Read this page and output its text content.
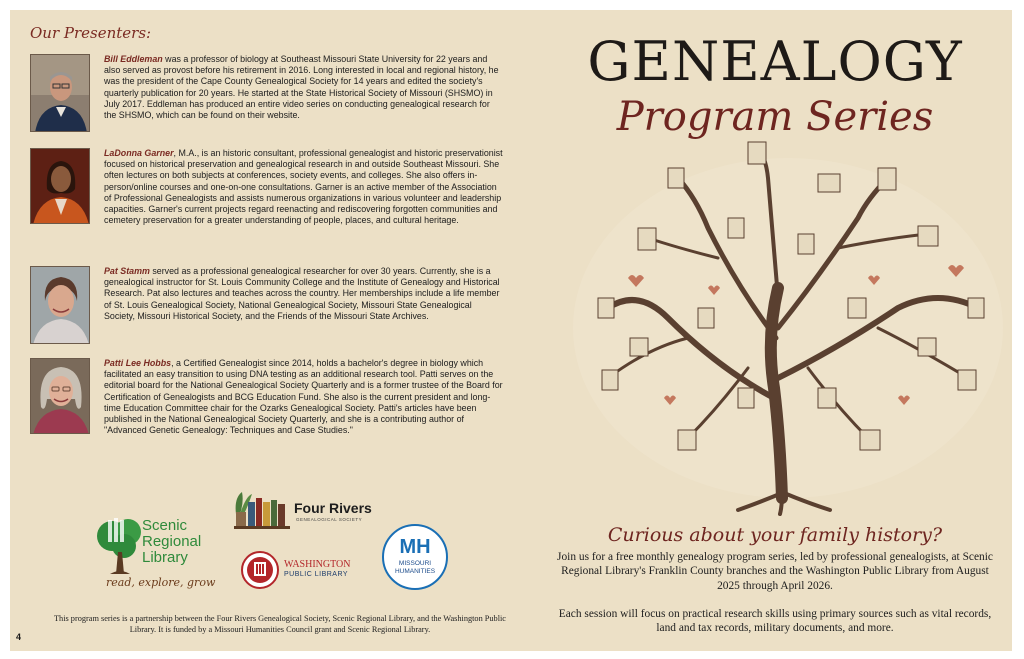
4
Our Presenters:

Bill Eddleman was a professor of biology at Southeast Missouri State University for 22 years and also served as provost before his retirement in 2016. Long interested in local and regional history, he was the president of the Cape County Genealogical Society for 14 years and edited the society's quarterly publication for 20 years. He started at the State Historical Society of Missouri (SHSMO) in July 2017. Eddleman has produced an entire video series on conducting genealogical research for the SHSMO, which can be found on their website.

LaDonna Garner, M.A., is an historic consultant, professional genealogist and historic preservationist focused on historical preservation and genealogical research in and outside Southeast Missouri. She often lectures on both subjects at conferences, society events, and colleges. She also offers in-person/online courses and one-on-one consultations. Garner is an active member of the Association of Professional Genealogists and assists numerous organizations in various volunteer and leadership capacities. Garner's current projects regard reenacting and rediscovering forgotten communities and cemetery preservation for a greater understanding of people, places, and cultural heritage.

Pat Stamm served as a professional genealogical researcher for over 30 years. Currently, she is a genealogical instructor for St. Louis Community College and the Institute of Genealogy and Historical Research. Pat also lectures and teaches across the country. Her memberships include a life member of St. Louis Genealogical Society, National Genealogical Society, Missouri State Genealogical Society, Missouri Historical Society, and the Friends of the Missouri State Archives.

Patti Lee Hobbs, a Certified Genealogist since 2014, holds a bachelor's degree in biology which facilitated an easy transition to using DNA testing as an additional research tool. Patti serves on the editorial board for the National Genealogical Society Quarterly and is a former trustee of the Board for Certification of Genealogists and BCG Education Fund. She also is the current president and long-time Education Committee chair for the Ozarks Genealogical Society. Patti's articles have been published in the National Genealogical Society Quarterly, and she is a contributing author of "Advanced Genetic Genealogy: Techniques and Case Studies."

Scenic
Regional
Library
read, explore, grow
Four Rivers
GENEALOGICAL SOCIETY
WASHINGTON
PUBLIC LIBRARY
MH
MISSOURI
HUMANITIES
This program series is a partnership between the Four Rivers Genealogical Society, Scenic Regional Library, and the Washington Public Library. It is funded by a Missouri Humanities Council grant and Scenic Regional Library.
GENEALOGY
Program Series
Curious about your family history?

Join us for a free monthly genealogy program series, led by professional genealogists, at Scenic Regional Library's Franklin County branches and the Washington Public Library from August 2025 through April 2026.

Each session will focus on practical research skills using primary sources such as vital records, land and tax records, military documents, and more.
